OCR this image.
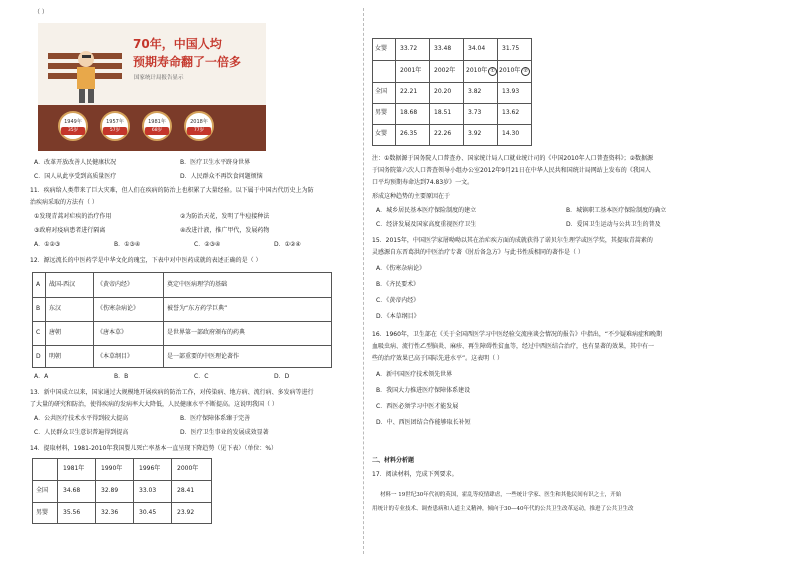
（ ）
70年，中国人均
预期寿命翻了一倍多
国家统计局报告显示
1949年
35岁
1957年
57岁
1981年
68岁
2018年
77岁
A．改革开放改善人民健康状况	B．医疗卫生水平跻身世界
C．国人从此享受到高质量医疗	D．人民群众不再饮食问题烦恼
11．疾病给人类带来了巨大灾难，但人们在疾病的防治上也积累了大量经验。以下属于中国古代历史上为防
治疾病采取的方法有（ ）
①发现青蒿对疟疾的治疗作用	②为防治天花，发明了牛痘接种法
③政府对疫病患者进行隔离	④改进汁液，推广甲代，发展药物
A．①②③	B．①③④	C．②③④	D．①②④
12．源远流长的中医药学是中华文化的瑰宝，下表中对中医药成就的表述正确的是（ ）
A 战国-西汉	《黄帝内经》	奠定中医病理学的基础
B 东汉	《伤寒杂病论》	被誉为“东方药学巨典”
C 唐朝	《唐本草》	是世界第一部政府颁布的药典
D 明朝	《本草纲目》	是一部重要的中医理论著作
A．A	B．B	C．C	D．D
13．新中国成立以来，国家通过大规模地开展疾病的防治工作，对传染病、地方病、流行病、多发病等进行
了大量的研究和防治，使得疾病的发病率大大降低，人民健康水平不断提高。这说明我国（ ）
A．公共医疗技术水平得到较大提高	B．医疗保障体系臻于完善
C．人民群众卫生意识普遍得到提高	D．医疗卫生事业的发展成效显著
14．提取材料，1981-2010年我国婴儿死亡率基本一直呈现下降趋势（见下表）（单位：%）
1981年	1990年	1996年	2000年
全国 34.68	32.89	33.03	28.41
男婴 35.56	32.36	30.45	23.92
女婴 33.72	33.48	34.04	31.75
2001年 2002年 2010年 ① 2010年 ②
全国 22.21	20.20	3.82	13.93
男婴 18.68	18.51	3.73	13.62
女婴 26.35	22.26	3.92	14.30
注：①数据源于国务院人口普查办、国家统计局人口就业统计司的《中国2010年人口普查资料》；②数据源
于国务院第六次人口普查领导小组办公室2012年9月21日在中华人民共和国统计局网站上发布的《我国人
口平均预期寿命达到74.83岁》一文。
形成这种趋势的主要原因在于
A．城乡居民基本医疗保险制度的建立	B．城镇职工基本医疗保险制度的确立
C．经济发展及国家高度重视医疗卫生	D．爱国卫生运动与公共卫生的普及
15．2015年，中国医学家屠呦呦以其在治疟疾方面的成就获得了诺贝尔生理学或医学奖，其提取青蒿素的
灵感源自东晋葛洪的中医治疗专著《肘后备急方》与此书性质相同的著作是（ ）
A．《伤寒杂病论》
B．《齐民要术》
C．《黄帝内经》
D．《本草纲目》
16．1960年，卫生部在《关于全国西医学习中医经验交流座谈会情况的报告》中指出，“不少疑难病症和晚期
血吸虫病、流行性乙型脑炎、麻疹、再生障碍性贫血等，经过中西医结合治疗，也有显著的效果，其中有一
些的治疗效果已高于国际先进水平”。这表明（ ）
A．新中国医疗技术领先世界
B．我国大力推进医疗保障体系建设
C．西医必须学习中医才能发展
D．中、西医团结合作能够取长补短
二、材料分析题
17．阅读材料，完成下列要求。
材料一 19世纪30年代初的英国，霍乱等疫情肆虐，一些统计学家、医生和其他民间有识之士，开始
用统计的专业技术、调查患病和人道主义精神，倾向于30—40年代的公共卫生改革运动，推进了公共卫生改
